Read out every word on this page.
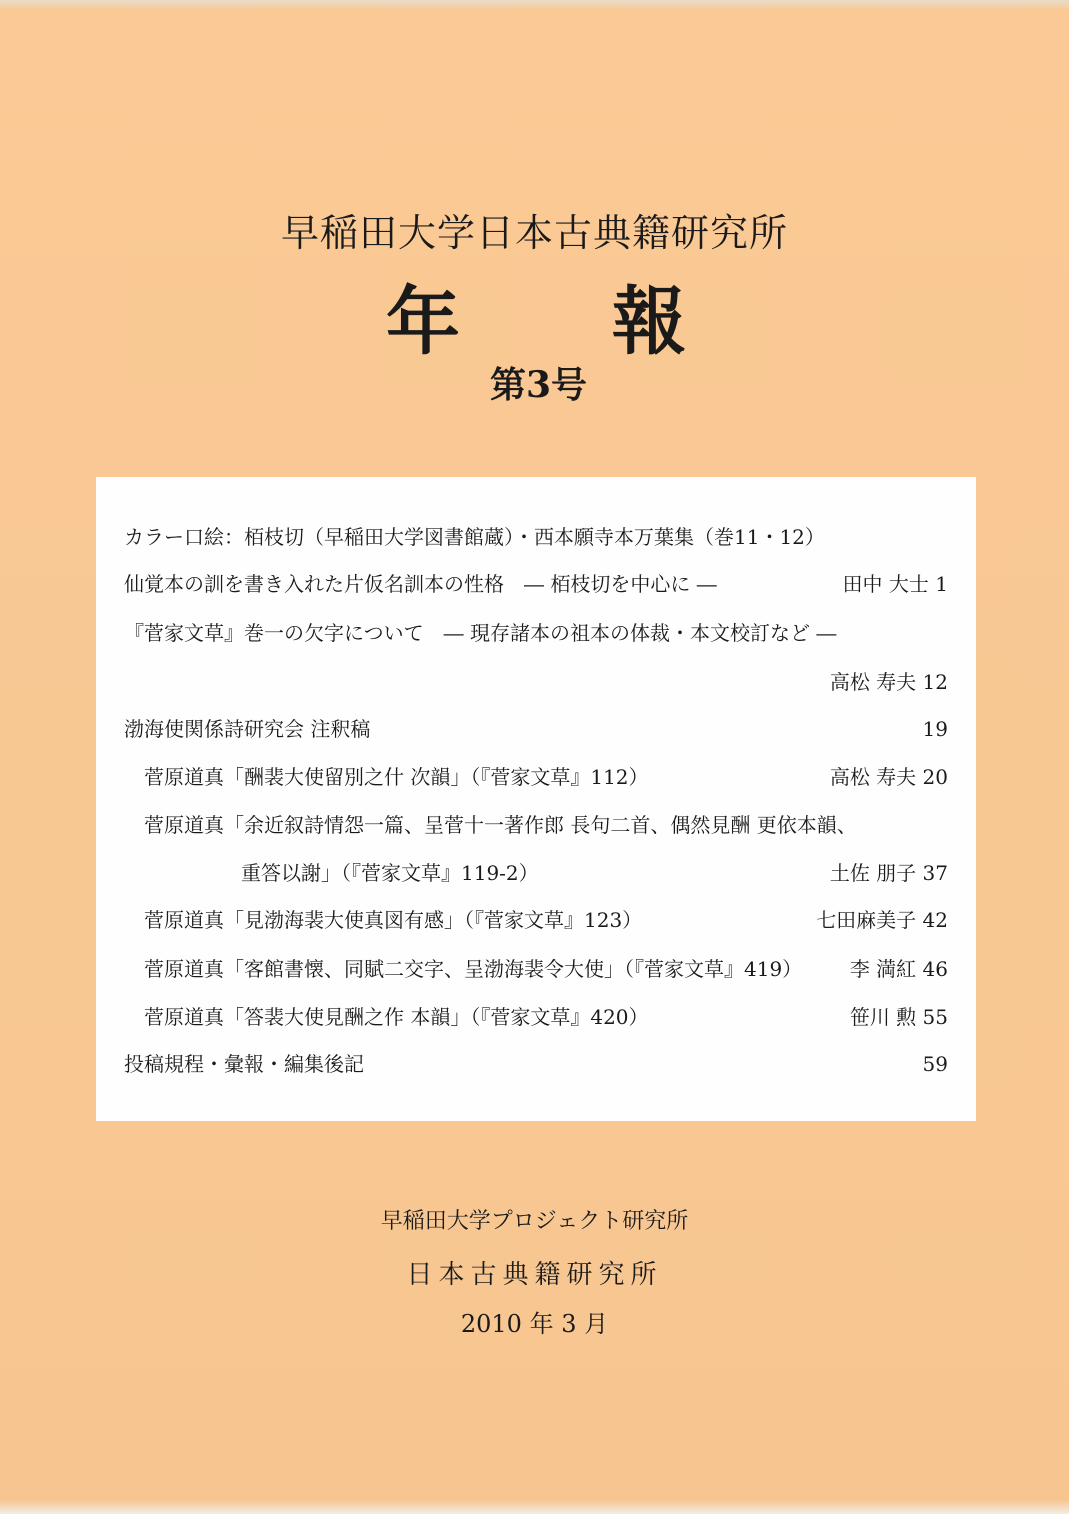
早稲田大学日本古典籍研究所
年 報
第3号
カラー口絵：栢枝切（早稲田大学図書館蔵）・西本願寺本万葉集（巻11・12）
仙覚本の訓を書き入れた片仮名訓本の性格　― 栢枝切を中心に ―	田中 大士 1
『菅家文草』巻一の欠字について　― 現存諸本の祖本の体裁・本文校訂など ―
高松 寿夫 12
渤海使関係詩研究会 注釈稿	19
菅原道真「酬裴大使留別之什 次韻」（『菅家文草』112）	高松 寿夫 20
菅原道真「余近叙詩情怨一篇、呈菅十一著作郎 長句二首、偶然見酬 更依本韻、
重答以謝」（『菅家文草』119-2）	土佐 朋子 37
菅原道真「見渤海裴大使真図有感」（『菅家文草』123）	七田麻美子 42
菅原道真「客館書懐、同賦二交字、呈渤海裴令大使」（『菅家文草』419） 李 満紅 46
菅原道真「答裴大使見酬之作 本韻」（『菅家文草』420）	笹川 勲 55
投稿規程・彙報・編集後記	59
早稲田大学プロジェクト研究所
日本古典籍研究所
2010 年 3 月
